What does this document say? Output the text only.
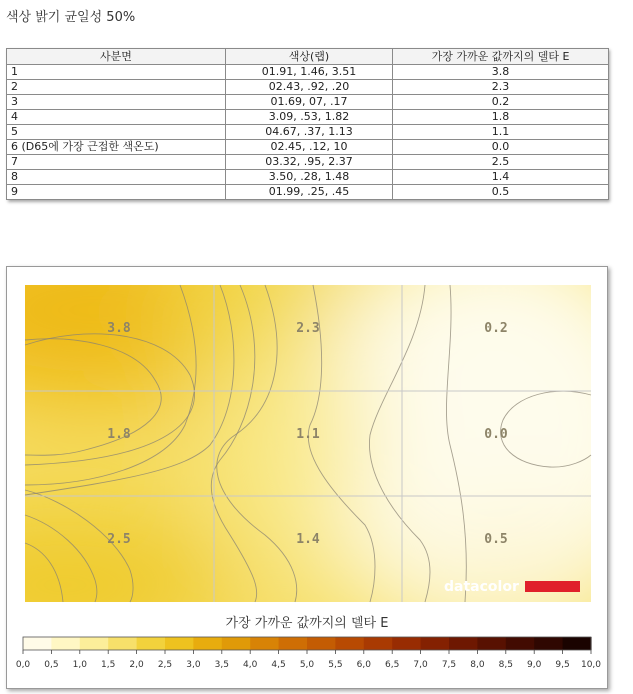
색상 밝기 균일성 50%
사분면	색상(랩)	가장 가까운 값까지의 델타 E
1	01.91, 1.46, 3.51	3.8
2	02.43, .92, .20	2.3
3	01.69, 07, .17	0.2
4	3.09, .53, 1.82	1.8
5	04.67, .37, 1.13	1.1
6 (D65에 가장 근접한 색온도)	02.45, .12, 10	0.0
7	03.32, .95, 2.37	2.5
8	3.50, .28, 1.48	1.4
9	01.99, .25, .45	0.5
3.8	2.3	0.2
1.8	1.1	0.0
2.5	1.4	0.5
datacolor
가장 가까운 값까지의 델타 E
0,0 0,5 1,0 1,5 2,0 2,5 3,0 3,5 4,0 4,5 5,0 5,5 6,0 6,5 7,0 7,5 8,0 8,5 9,0 9,5 10,0
